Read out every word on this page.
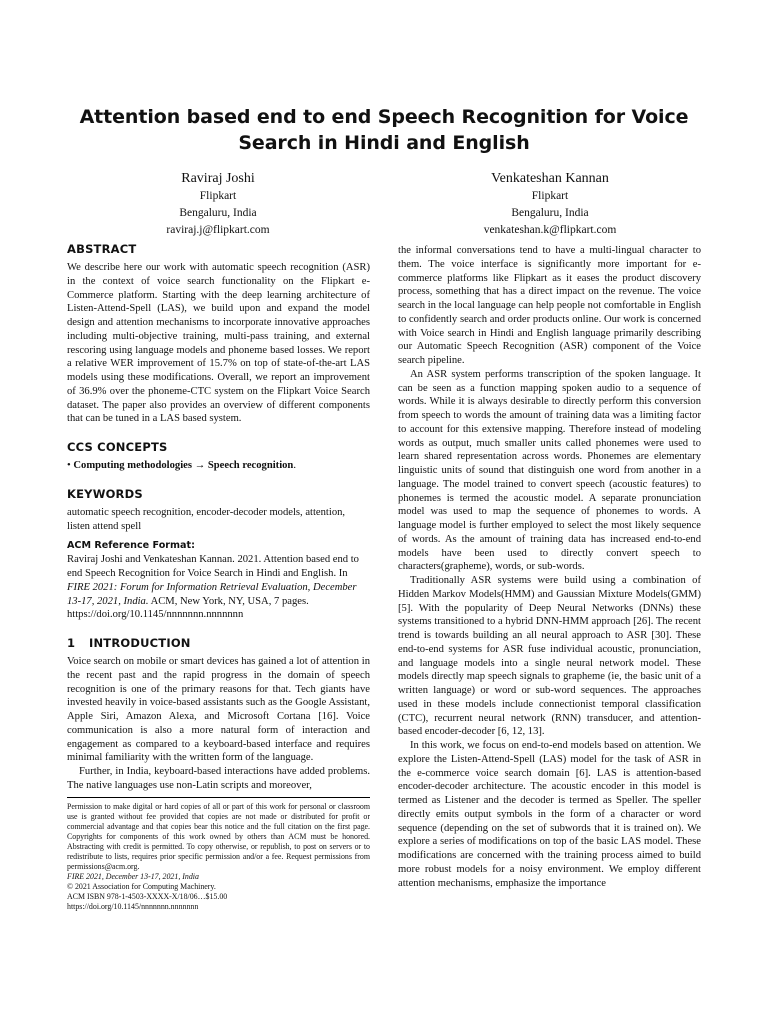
Attention based end to end Speech Recognition for Voice Search in Hindi and English
Raviraj Joshi
Flipkart
Bengaluru, India
raviraj.j@flipkart.com
Venkateshan Kannan
Flipkart
Bengaluru, India
venkateshan.k@flipkart.com
ABSTRACT

We describe here our work with automatic speech recognition (ASR) in the context of voice search functionality on the Flipkart e-Commerce platform. Starting with the deep learning architecture of Listen-Attend-Spell (LAS), we build upon and expand the model design and attention mechanisms to incorporate innovative approaches including multi-objective training, multi-pass training, and external rescoring using language models and phoneme based losses. We report a relative WER improvement of 15.7% on top of state-of-the-art LAS models using these modifications. Overall, we report an improvement of 36.9% over the phoneme-CTC system on the Flipkart Voice Search dataset. The paper also provides an overview of different components that can be tuned in a LAS based system.

CCS CONCEPTS

• Computing methodologies → Speech recognition.

KEYWORDS

automatic speech recognition, encoder-decoder models, attention, listen attend spell

ACM Reference Format:

Raviraj Joshi and Venkateshan Kannan. 2021. Attention based end to end Speech Recognition for Voice Search in Hindi and English. In FIRE 2021: Forum for Information Retrieval Evaluation, December 13-17, 2021, India. ACM, New York, NY, USA, 7 pages. https://doi.org/10.1145/nnnnnnn.nnnnnnn

1 INTRODUCTION

Voice search on mobile or smart devices has gained a lot of attention in the recent past and the rapid progress in the domain of speech recognition is one of the primary reasons for that. Tech giants have invested heavily in voice-based assistants such as the Google Assistant, Apple Siri, Amazon Alexa, and Microsoft Cortana [16]. Voice communication is also a more natural form of interaction and engagement as compared to a keyboard-based interface and requires minimal familiarity with the written form of the language.

Further, in India, keyboard-based interactions have added problems. The native languages use non-Latin scripts and moreover,

the informal conversations tend to have a multi-lingual character to them. The voice interface is significantly more important for e-commerce platforms like Flipkart as it eases the product discovery process, something that has a direct impact on the revenue. The voice search in the local language can help people not comfortable in English to confidently search and order products online. Our work is concerned with Voice search in Hindi and English language primarily describing our Automatic Speech Recognition (ASR) component of the Voice search pipeline.

An ASR system performs transcription of the spoken language. It can be seen as a function mapping spoken audio to a sequence of words. While it is always desirable to directly perform this conversion from speech to words the amount of training data was a limiting factor to account for this extensive mapping. Therefore instead of modeling words as output, much smaller units called phonemes were used to learn shared representation across words. Phonemes are elementary linguistic units of sound that distinguish one word from another in a language. The model trained to convert speech (acoustic features) to phonemes is termed the acoustic model. A separate pronunciation model was used to map the sequence of phonemes to words. A language model is further employed to select the most likely sequence of words. As the amount of training data has increased end-to-end models have been used to directly convert speech to characters(grapheme), words, or sub-words.

Traditionally ASR systems were build using a combination of Hidden Markov Models(HMM) and Gaussian Mixture Models(GMM) [5]. With the popularity of Deep Neural Networks (DNNs) these systems transitioned to a hybrid DNN-HMM approach [26]. The recent trend is towards building an all neural approach to ASR [30]. These end-to-end systems for ASR fuse individual acoustic, pronunciation, and language models into a single neural network model. These models directly map speech signals to grapheme (ie, the basic unit of a written language) or word or sub-word sequences. The approaches used in these models include connectionist temporal classification (CTC), recurrent neural network (RNN) transducer, and attention-based encoder-decoder [6, 12, 13].

In this work, we focus on end-to-end models based on attention. We explore the Listen-Attend-Spell (LAS) model for the task of ASR in the e-commerce voice search domain [6]. LAS is attention-based encoder-decoder architecture. The acoustic encoder in this model is termed as Listener and the decoder is termed as Speller. The speller directly emits output symbols in the form of a character or word sequence (depending on the set of subwords that it is trained on). We explore a series of modifications on top of the basic LAS model. These modifications are concerned with the training process aimed to build more robust models for a noisy environment. We employ different attention mechanisms, emphasize the importance

Permission to make digital or hard copies of all or part of this work for personal or classroom use is granted without fee provided that copies are not made or distributed for profit or commercial advantage and that copies bear this notice and the full citation on the first page. Copyrights for components of this work owned by others than ACM must be honored. Abstracting with credit is permitted. To copy otherwise, or republish, to post on servers or to redistribute to lists, requires prior specific permission and/or a fee. Request permissions from permissions@acm.org.
FIRE 2021, December 13-17, 2021, India
© 2021 Association for Computing Machinery.
ACM ISBN 978-1-4503-XXXX-X/18/06…$15.00
https://doi.org/10.1145/nnnnnnn.nnnnnnn
